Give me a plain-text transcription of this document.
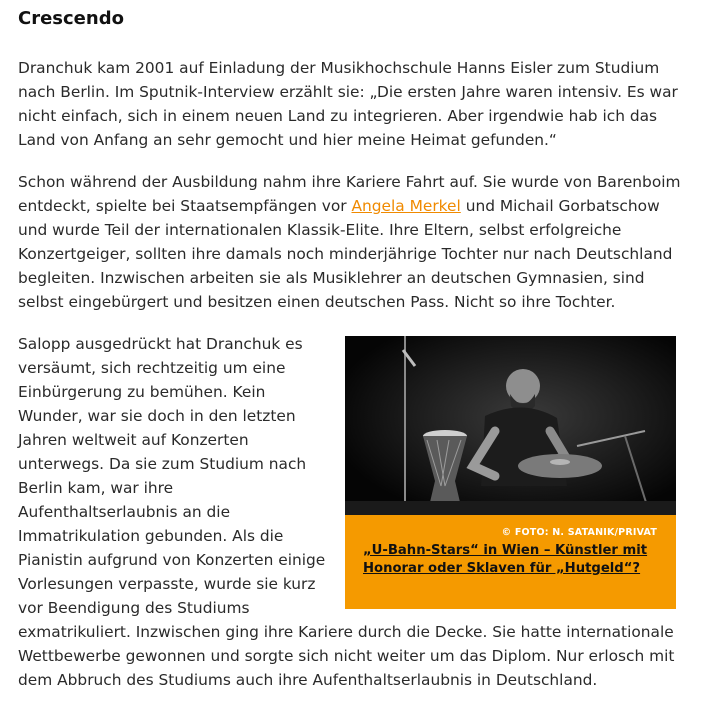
Crescendo

Dranchuk kam 2001 auf Einladung der Musikhochschule Hanns Eisler zum Studium nach Berlin. Im Sputnik-Interview erzählt sie: „Die ersten Jahre waren intensiv. Es war nicht einfach, sich in einem neuen Land zu integrieren. Aber irgendwie hab ich das Land von Anfang an sehr gemocht und hier meine Heimat gefunden.“

Schon während der Ausbildung nahm ihre Kariere Fahrt auf. Sie wurde von Barenboim entdeckt, spielte bei Staatsempfängen vor Angela Merkel und Michail Gorbatschow und wurde Teil der internationalen Klassik-Elite. Ihre Eltern, selbst erfolgreiche Konzertgeiger, sollten ihre damals noch minderjährige Tochter nur nach Deutschland begleiten. Inzwischen arbeiten sie als Musiklehrer an deutschen Gymnasien, sind selbst eingebürgert und besitzen einen deutschen Pass. Nicht so ihre Tochter.

© FOTO: N. SATANIK/PRIVAT
„U-Bahn-Stars“ in Wien – Künstler mit Honorar oder Sklaven für „Hutgeld“?
Salopp ausgedrückt hat Dranchuk es versäumt, sich rechtzeitig um eine Einbürgerung zu bemühen. Kein Wunder, war sie doch in den letzten Jahren weltweit auf Konzerten unterwegs. Da sie zum Studium nach Berlin kam, war ihre Aufenthaltserlaubnis an die Immatrikulation gebunden. Als die Pianistin aufgrund von Konzerten einige Vorlesungen verpasste, wurde sie kurz vor Beendigung des Studiums exmatrikuliert. Inzwischen ging ihre Kariere durch die Decke. Sie hatte internationale Wettbewerbe gewonnen und sorgte sich nicht weiter um das Diplom. Nur erlosch mit dem Abbruch des Studiums auch ihre Aufenthaltserlaubnis in Deutschland.
